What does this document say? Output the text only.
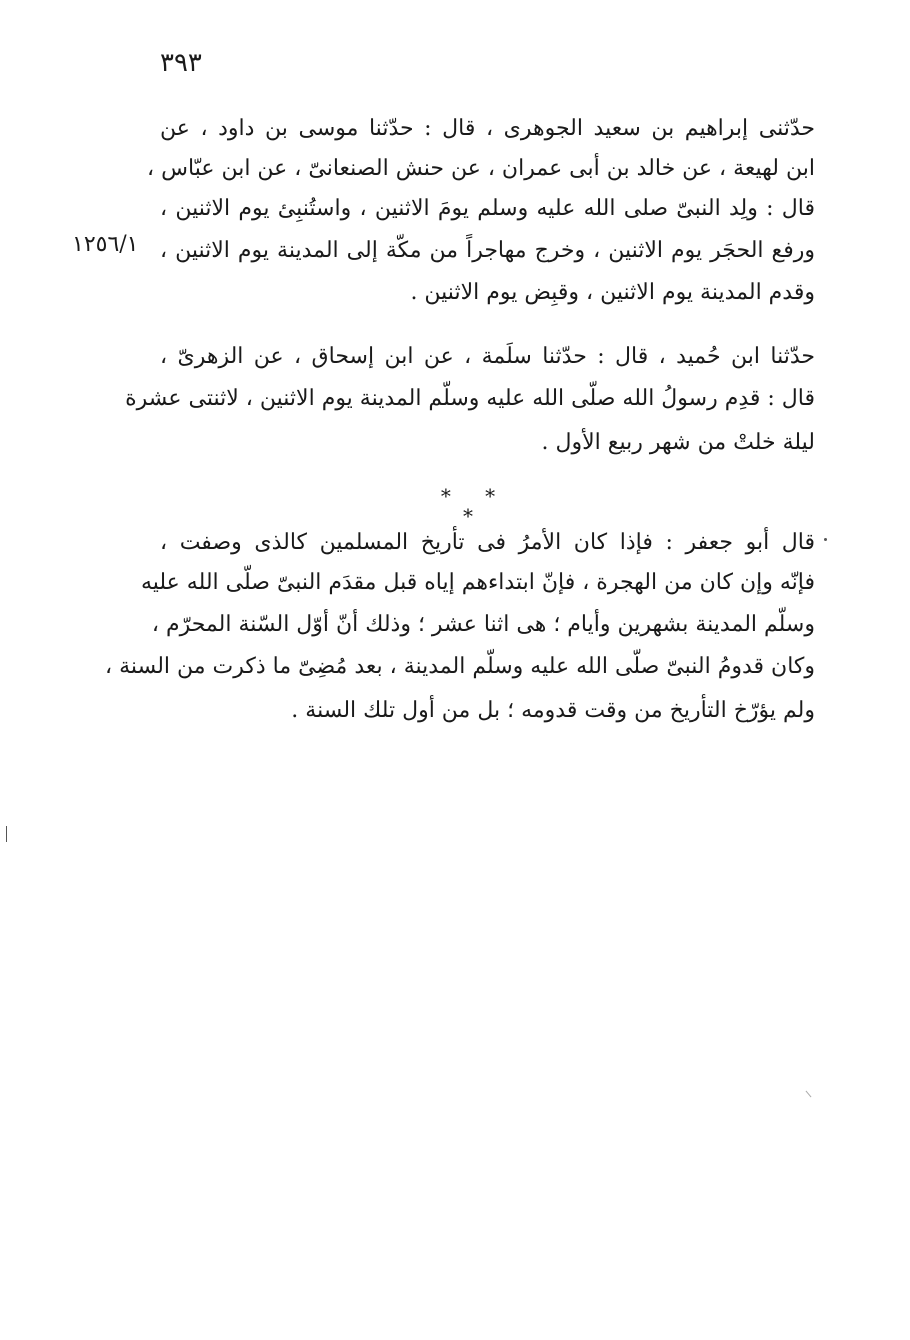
٣٩٣
١٢٥٦/١
حدّثنى إبراهيم بن سعيد الجوهرى ، قال : حدّثنا موسى بن داود ، عن
ابن لهيعة ، عن خالد بن أبى عمران ، عن حنش الصنعانىّ ، عن ابن عبّاس ،
قال : ولِد النبىّ صلى الله عليه وسلم يومَ الاثنين ، واستُنبِئ يوم الاثنين ،
ورفع الحجَر يوم الاثنين ، وخرج مهاجراً من مكّة إلى المدينة يوم الاثنين ،
وقدم المدينة يوم الاثنين ، وقبِض يوم الاثنين .
حدّثنا ابن حُميد ، قال : حدّثنا سلَمة ، عن ابن إسحاق ، عن الزهرىّ ،
قال : قدِم رسولُ الله صلّى الله عليه وسلّم المدينة يوم الاثنين ، لاثنتى عشرة
ليلة خلتْ من شهر ربيع الأول .
* * *
قال أبو جعفر : فإذا كان الأمرُ فى تأريخ المسلمين كالذى وصفت ،
فإنّه وإن كان من الهجرة ، فإنّ ابتداءهم إياه قبل مقدَم النبىّ صلّى الله عليه
وسلّم المدينة بشهرين وأيام ؛ هى اثنا عشر ؛ وذلك أنّ أوّل السّنة المحرّم ،
وكان قدومُ النبىّ صلّى الله عليه وسلّم المدينة ، بعد مُضِىّ ما ذكرت من السنة ،
ولم يؤرّخ التأريخ من وقت قدومه ؛ بل من أول تلك السنة .
